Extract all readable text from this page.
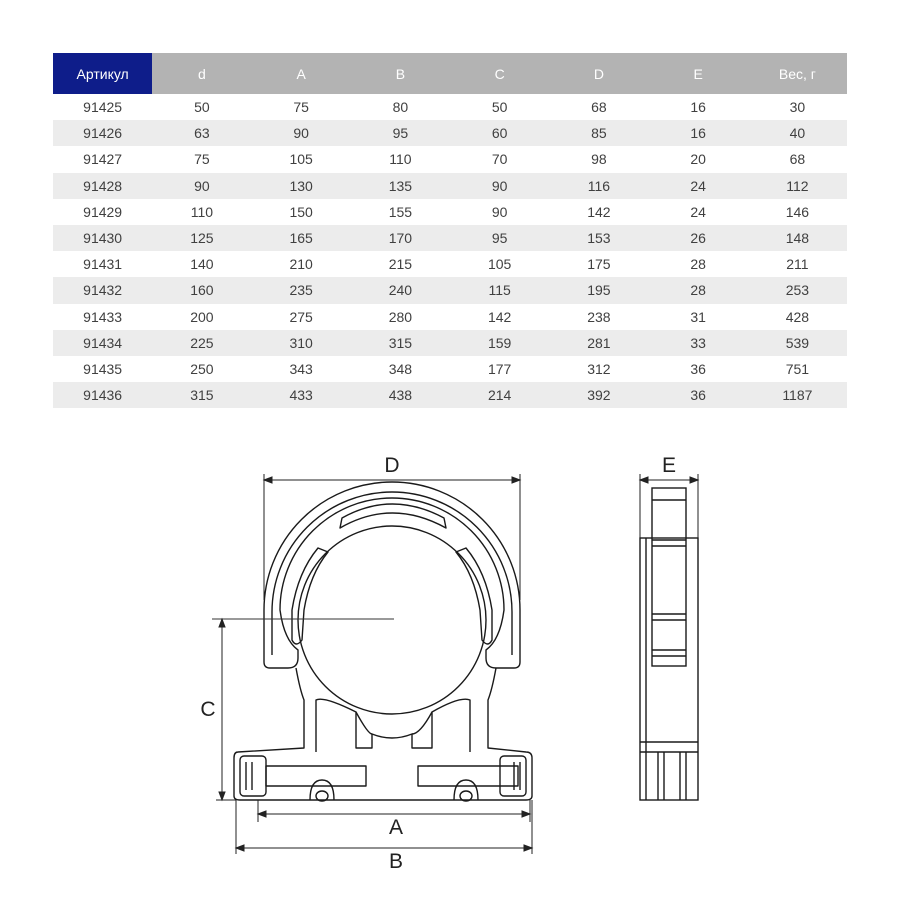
Артикул	d	A	B	C	D	E	Вес, г
91425	50	75	80	50	68	16	30
91426	63	90	95	60	85	16	40
91427	75	105	110	70	98	20	68
91428	90	130	135	90	116	24	112
91429	110	150	155	90	142	24	146
91430	125	165	170	95	153	26	148
91431	140	210	215	105	175	28	211
91432	160	235	240	115	195	28	253
91433	200	275	280	142	238	31	428
91434	225	310	315	159	281	33	539
91435	250	343	348	177	312	36	751
91436	315	433	438	214	392	36	1187
D
C
A
B
E
